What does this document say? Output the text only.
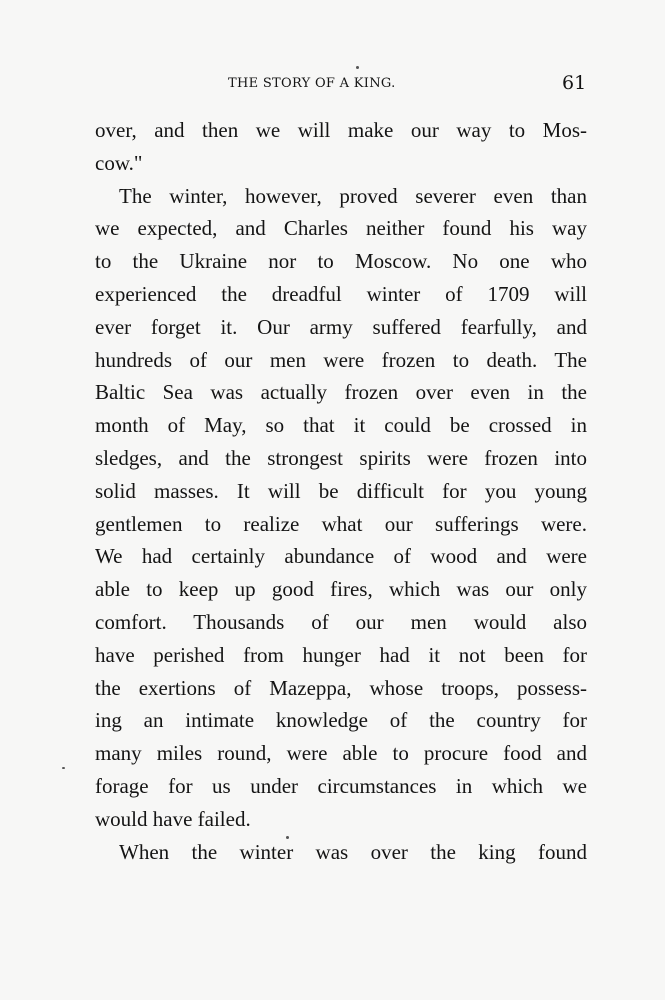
THE STORY OF A KING.	61
over, and then we will make our way to Mos-
cow."
The winter, however, proved severer even than
we expected, and Charles neither found his way
to the Ukraine nor to Moscow. No one who
experienced the dreadful winter of 1709 will
ever forget it. Our army suffered fearfully, and
hundreds of our men were frozen to death. The
Baltic Sea was actually frozen over even in the
month of May, so that it could be crossed in
sledges, and the strongest spirits were frozen into
solid masses. It will be difficult for you young
gentlemen to realize what our sufferings were.
We had certainly abundance of wood and were
able to keep up good fires, which was our only
comfort. Thousands of our men would also
have perished from hunger had it not been for
the exertions of Mazeppa, whose troops, possess-
ing an intimate knowledge of the country for
many miles round, were able to procure food and
forage for us under circumstances in which we
would have failed.
When the winter was over the king found
